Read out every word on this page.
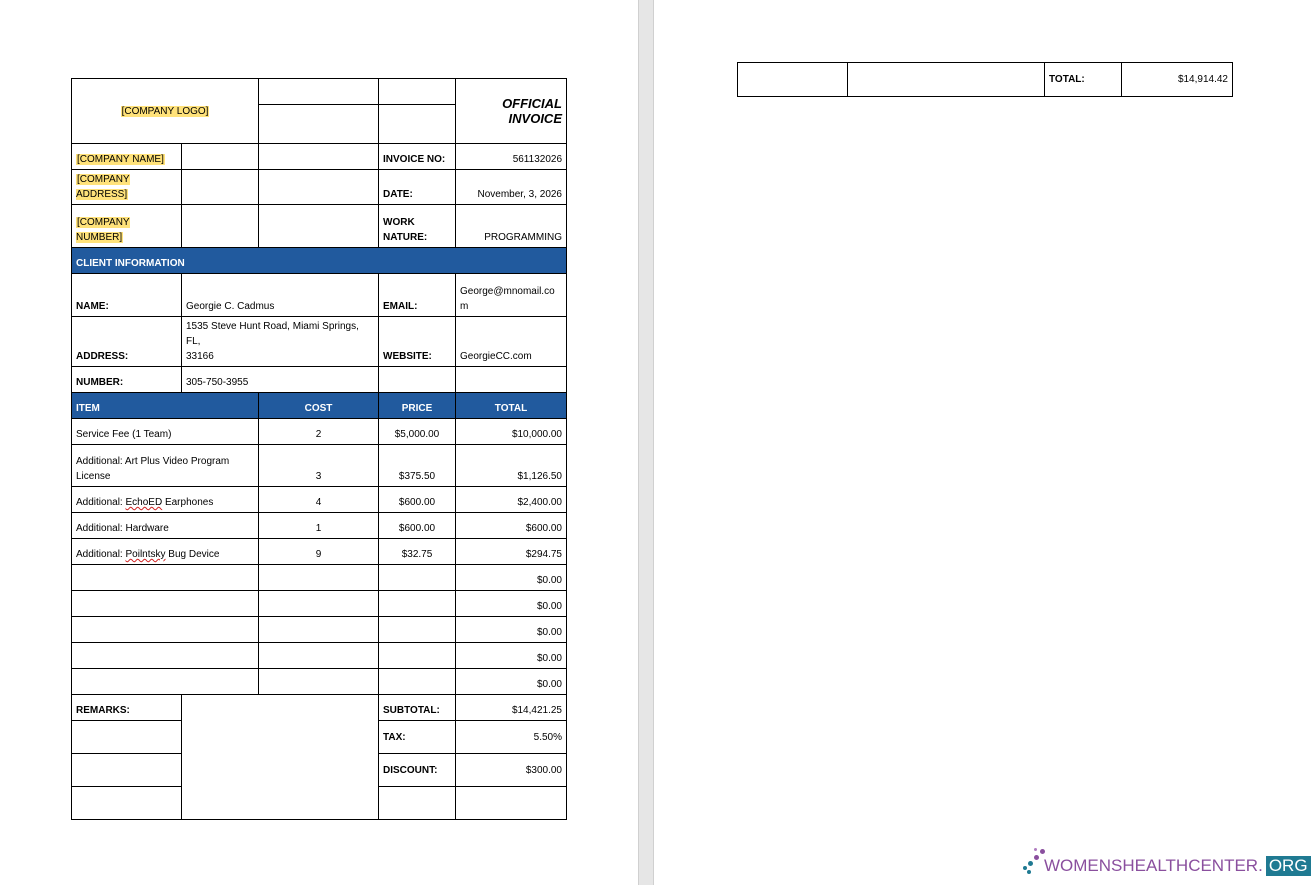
[COMPANY LOGO]				OFFICIAL
INVOICE

[COMPANY NAME]			INVOICE NO:	561132026
[COMPANY ADDRESS]			DATE:	November, 3, 2026
[COMPANY NUMBER]			WORK
NATURE:	PROGRAMMING
CLIENT INFORMATION				
NAME:	Georgie C. Cadmus		EMAIL:	George@mnomail.co
m

ADDRESS:	1535 Steve Hunt Road, Miami Springs, FL,
33166		WEBSITE:	GeorgieCC.com
NUMBER:	305-750-3955			
ITEM		COST	PRICE	TOTAL
Service Fee (1 Team)		2	$5,000.00	$10,000.00

Additional: Art Plus Video Program
License		3	$375.50	$1,126.50
Additional: EchoED Earphones		4	$600.00	$2,400.00
Additional: Hardware		1	$600.00	$600.00
Additional: Poilntsky Bug Device		9	$32.75	$294.75
				$0.00
				$0.00
				$0.00
				$0.00
				$0.00
REMARKS:			SUBTOTAL:	$14,421.25
			TAX:	5.50%
			DISCOUNT:	$300.00

		TOTAL:	$14,914.42
WOMENSHEALTHCENTER. ORG
